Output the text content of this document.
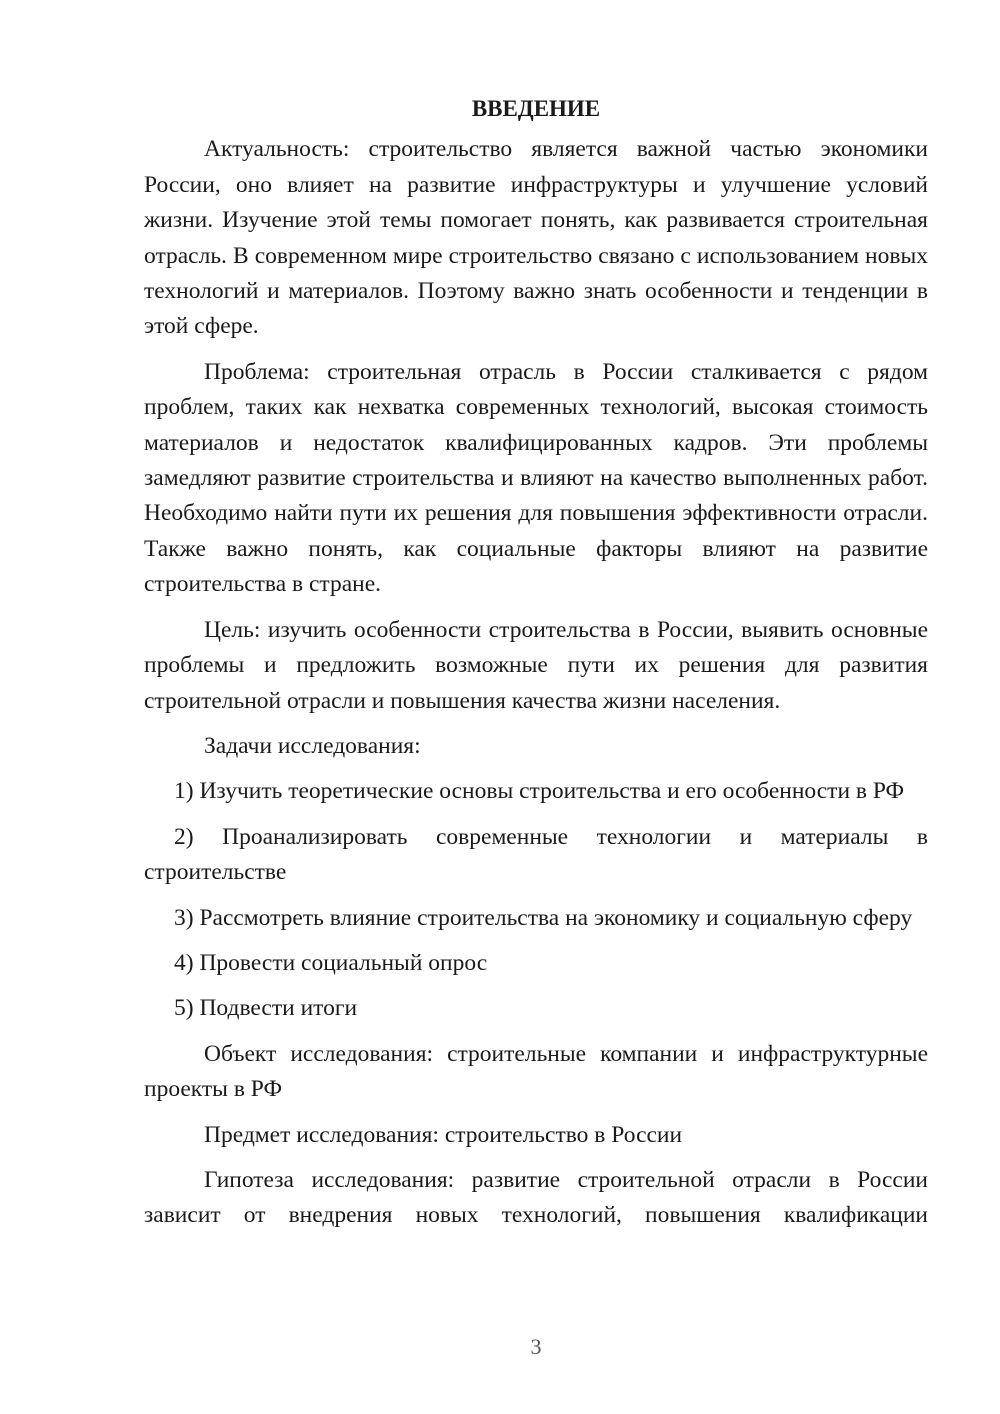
ВВЕДЕНИЕ

Актуальность: строительство является важной частью экономики России, оно влияет на развитие инфраструктуры и улучшение условий жизни. Изучение этой темы помогает понять, как развивается строительная отрасль. В современном мире строительство связано с использованием новых технологий и материалов. Поэтому важно знать особенности и тенденции в этой сфере.

Проблема: строительная отрасль в России сталкивается с рядом проблем, таких как нехватка современных технологий, высокая стоимость материалов и недостаток квалифицированных кадров. Эти проблемы замедляют развитие строительства и влияют на качество выполненных работ. Необходимо найти пути их решения для повышения эффективности отрасли. Также важно понять, как социальные факторы влияют на развитие строительства в стране.

Цель: изучить особенности строительства в России, выявить основные проблемы и предложить возможные пути их решения для развития строительной отрасли и повышения качества жизни населения.

Задачи исследования:

1) Изучить теоретические основы строительства и его особенности в РФ

2) Проанализировать современные технологии и материалы в строительстве

3) Рассмотреть влияние строительства на экономику и социальную сферу

4) Провести социальный опрос

5) Подвести итоги

Объект исследования: строительные компании и инфраструктурные проекты в РФ

Предмет исследования: строительство в России

Гипотеза исследования: развитие строительной отрасли в России зависит от внедрения новых технологий, повышения квалификации

3
